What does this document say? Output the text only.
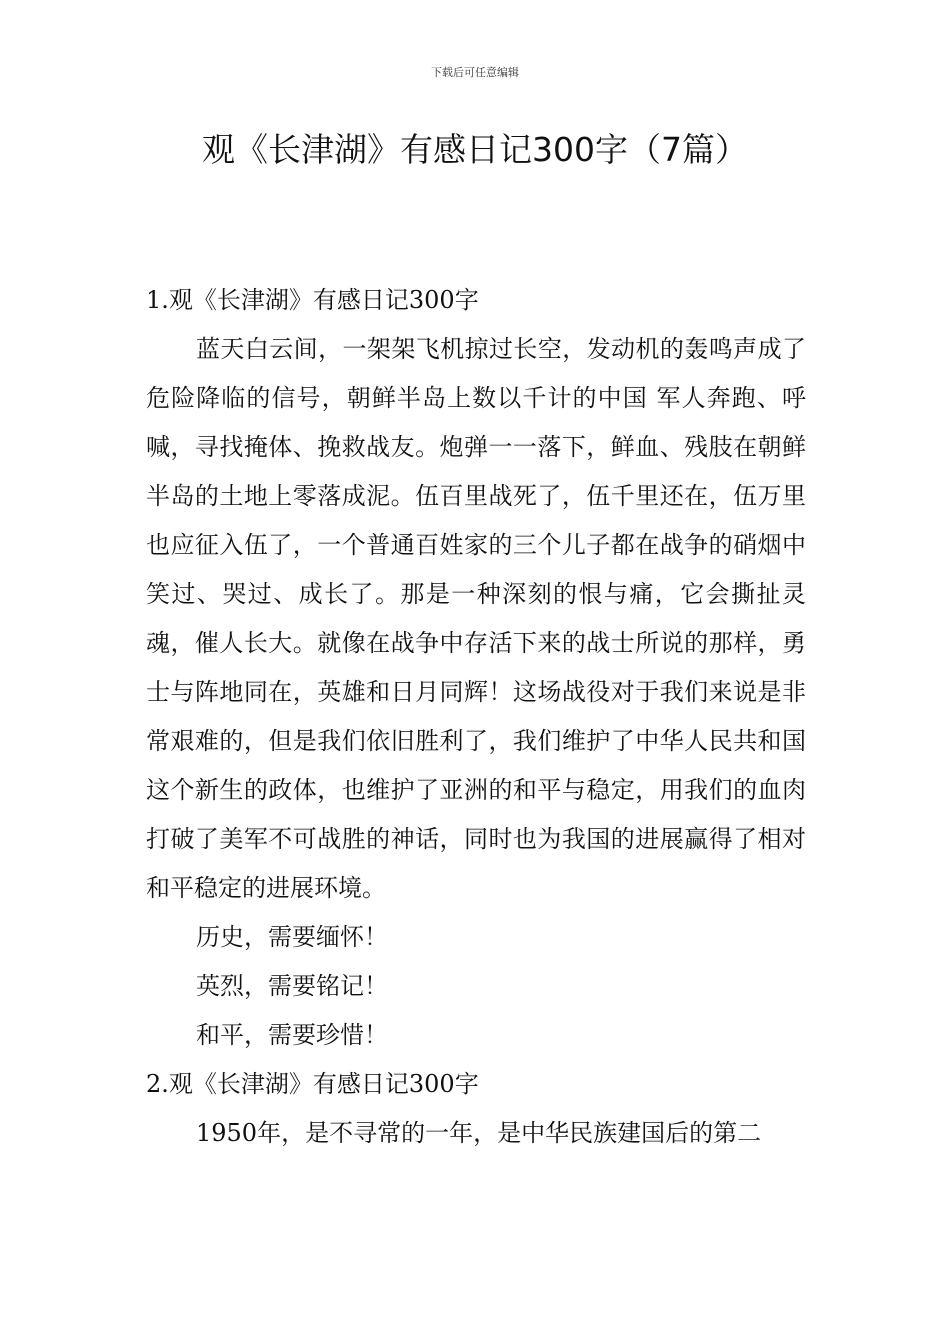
下载后可任意编辑
观《长津湖》有感日记300字（7篇）
1.观《长津湖》有感日记300字

蓝天白云间，一架架飞机掠过长空，发动机的轰鸣声成了危险降临的信号，朝鲜半岛上数以千计的中国 军人奔跑、呼喊，寻找掩体、挽救战友。炮弹一一落下，鲜血、残肢在朝鲜半岛的土地上零落成泥。伍百里战死了，伍千里还在，伍万里也应征入伍了，一个普通百姓家的三个儿子都在战争的硝烟中笑过、哭过、成长了。那是一种深刻的恨与痛，它会撕扯灵魂，催人长大。就像在战争中存活下来的战士所说的那样，勇士与阵地同在，英雄和日月同辉！这场战役对于我们来说是非常艰难的，但是我们依旧胜利了，我们维护了中华人民共和国这个新生的政体，也维护了亚洲的和平与稳定，用我们的血肉打破了美军不可战胜的神话，同时也为我国的进展赢得了相对和平稳定的进展环境。

历史，需要缅怀！

英烈，需要铭记！

和平，需要珍惜！

2.观《长津湖》有感日记300字

1950年，是不寻常的一年，是中华民族建国后的第二
